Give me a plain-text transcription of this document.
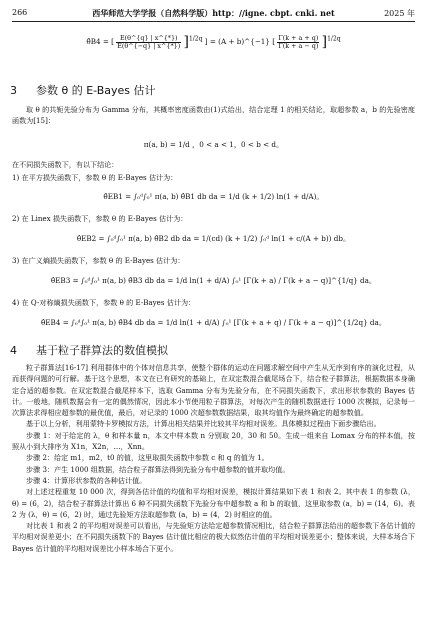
266	西华师范大学学报（自然科学版）http：//igne. cbpt. cnki. net	2025 年
θ̂B4 = [ $\frac{E(\theta\^{}\{q\} | x\^{}\{*\})}{E(\theta\^{}\{-q\} | x\^{}\{*\})} ]^{1/2q}$ ] = (A + b)^{−1} [ $\frac{\Gamma(k + a + q)}{\Gamma(k + a - q)} ]^{1/2q}$
3 参数 θ 的 E-Bayes 估计

取 θ 的共轭先验分布为 Gamma 分布，其概率密度函数由(1)式给出，结合定理 1 的相关结论，取超参数 a，b 的先验密度函数为[15]：

π(a, b) = 1/d ，0 < a < 1，0 < b < d。
在不同损失函数下，有以下结论：
1) 在平方损失函数下，参数 θ 的 E-Bayes 估计为：
θ̂EB1 = ∫₀ᵈ∫₀¹ π(a, b) θ̂B1 db da = 1/d (k + 1/2) ln(1 + d/A)。
2) 在 Linex 损失函数下，参数 θ 的 E-Bayes 估计为：
θ̂EB2 = ∫₀ᵈ∫₀¹ π(a, b) θ̂B2 db da = 1/(cd) (k + 1/2) ∫₀ᵈ ln(1 + c/(A + b)) db。
3) 在广义熵损失函数下，参数 θ 的 E-Bayes 估计为：
θ̂EB3 = ∫₀ᵈ∫₀¹ π(a, b) θ̂B3 db da = 1/d ln(1 + d/A) ∫₀¹ [Γ(k + a) / Γ(k + a − q)]^{1/q} da。
4) 在 Q-对称熵损失函数下，参数 θ 的 E-Bayes 估计为：
θ̂EB4 = ∫₀ᵈ∫₀¹ π(a, b) θ̂B4 db da = 1/d ln(1 + d/A) ∫₀¹ [Γ(k + a + q) / Γ(k + a − q)]^{1/2q} da。
4 基于粒子群算法的数值模拟

粒子群算法[16-17] 利用群体中的个体对信息共享，使整个群体的运动在问题求解空间中产生从无序到有序的演化过程，从而获得问题的可行解。基于这个思想，本文在已有研究的基础上，在双定数混合截尾场合下，结合粒子群算法，根据数据本身确定合适的超参数。在双定数混合截尾样本下，选取 Gamma 分布为先验分布，在不同损失函数下，求出形状参数的 Bayes 估计。一般地，随机数据会有一定的偶然情况，因此本小节使用粒子群算法，对每次产生的随机数据进行 1000 次模拟，记录每一次算法求得相应超参数的最优值，最后，对记录的 1000 次超参数数据结果，取其均值作为最终确定的超参数值。

基于以上分析，利用蒙特卡罗模拟方法，计算出相关结果并比较其平均相对误差。具体模拟过程由下面步骤给出。

步骤 1：对于给定的 λ，θ 和样本量 n，本文中样本数 n 分别取 20，30 和 50。生成一组来自 Lomax 分布的样本值，按照从小到大排序为 X1n，X2n，…，Xnn。

步骤 2：给定 m1，m2，t0 的值，这里取损失函数中参数 c 和 q 的值为 1。

步骤 3：产生 1000 组数据，结合粒子群算法得到先验分布中超参数的值并取均值。

步骤 4：计算形状参数的各种估计值。

对上述过程重复 10 000 次，得到各估计值的均值和平均相对误差，模拟计算结果如下表 1 和表 2。其中表 1 的参数 (λ，θ) = (6，2)，结合粒子群算法计算出 6 种不同损失函数下先验分布中超参数 a 和 b 的取值，这里取参数 (a，b) = (14，6)。表 2 为 (λ，θ) = (6，2) 时，通过先验矩方法取超参数 (a，b) = (4，2) 时相应的值。

对比表 1 和表 2 的平均相对误差可以看出，与先验矩方法给定超参数情况相比，结合粒子群算法给出的超参数下各估计值的平均相对误差更小；在不同损失函数下的 Bayes 估计值比相应的极大似然估计值的平均相对误差更小；整体来说，大样本场合下 Bayes 估计值的平均相对误差比小样本场合下更小。
